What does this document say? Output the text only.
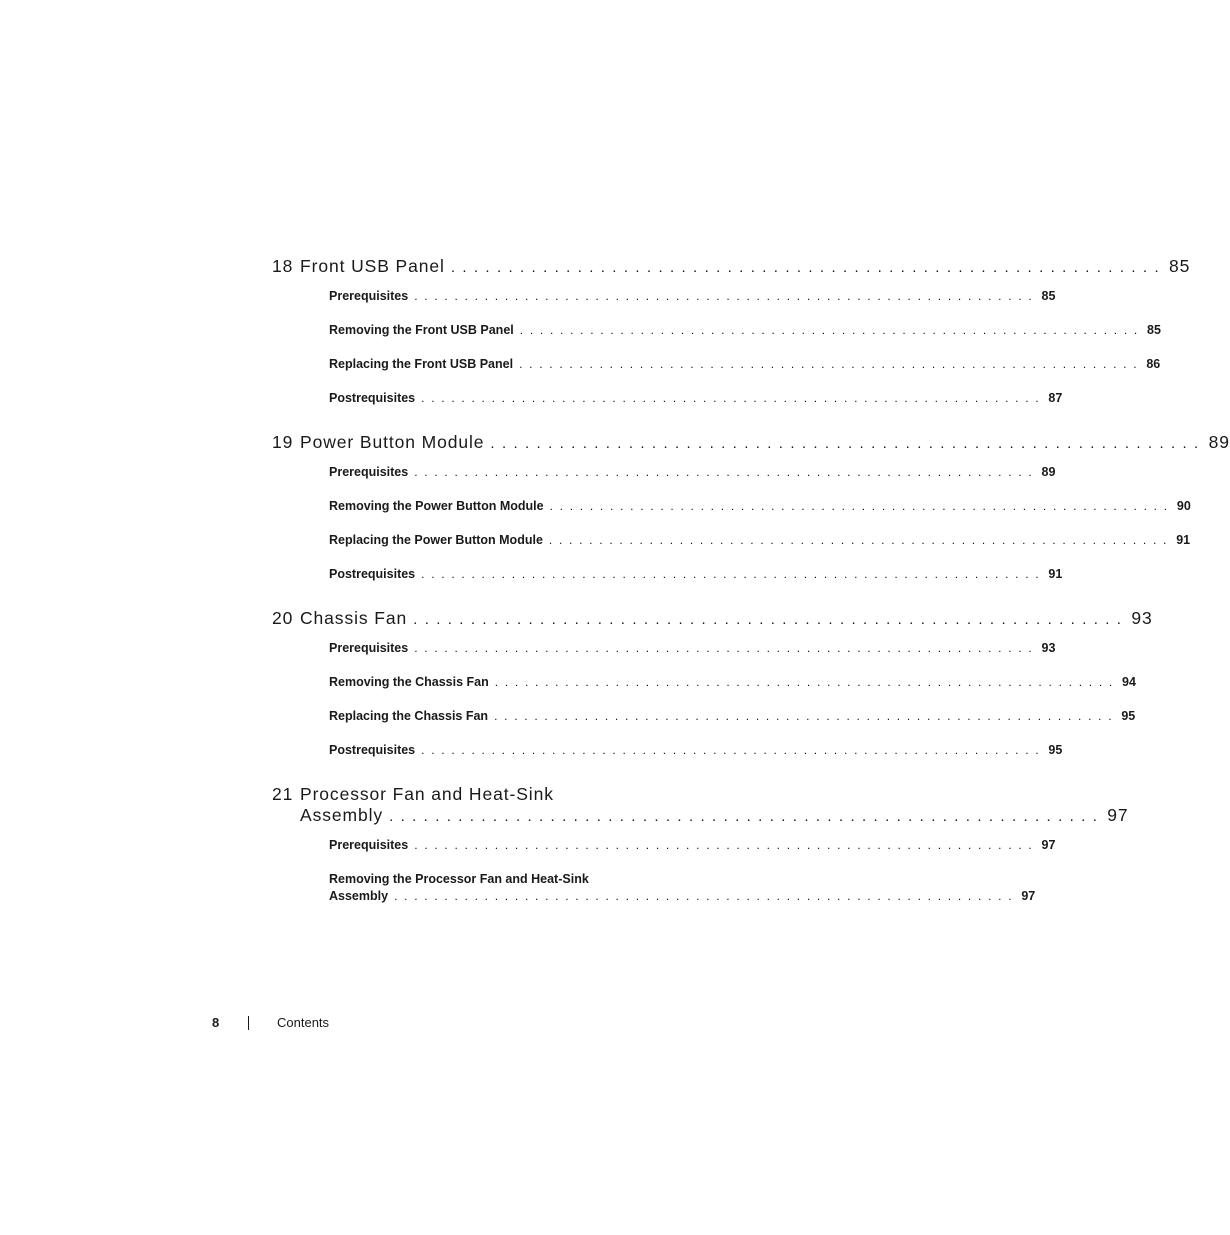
18 Front USB Panel . . .	85
Prerequisites . . .	85
Removing the Front USB Panel . . .	85
Replacing the Front USB Panel . . .	86
Postrequisites . . .	87
19 Power Button Module . . .	89
Prerequisites . . .	89
Removing the Power Button Module . . .	90
Replacing the Power Button Module . . .	91
Postrequisites . . .	91
20 Chassis Fan . . .	93
Prerequisites . . .	93
Removing the Chassis Fan . . .	94
Replacing the Chassis Fan . . .	95
Postrequisites . . .	95
21 Processor Fan and Heat-Sink
Assembly . . .	97
Prerequisites . . .	97
Removing the Processor Fan and Heat-Sink
Assembly . . .	97
8	Contents
